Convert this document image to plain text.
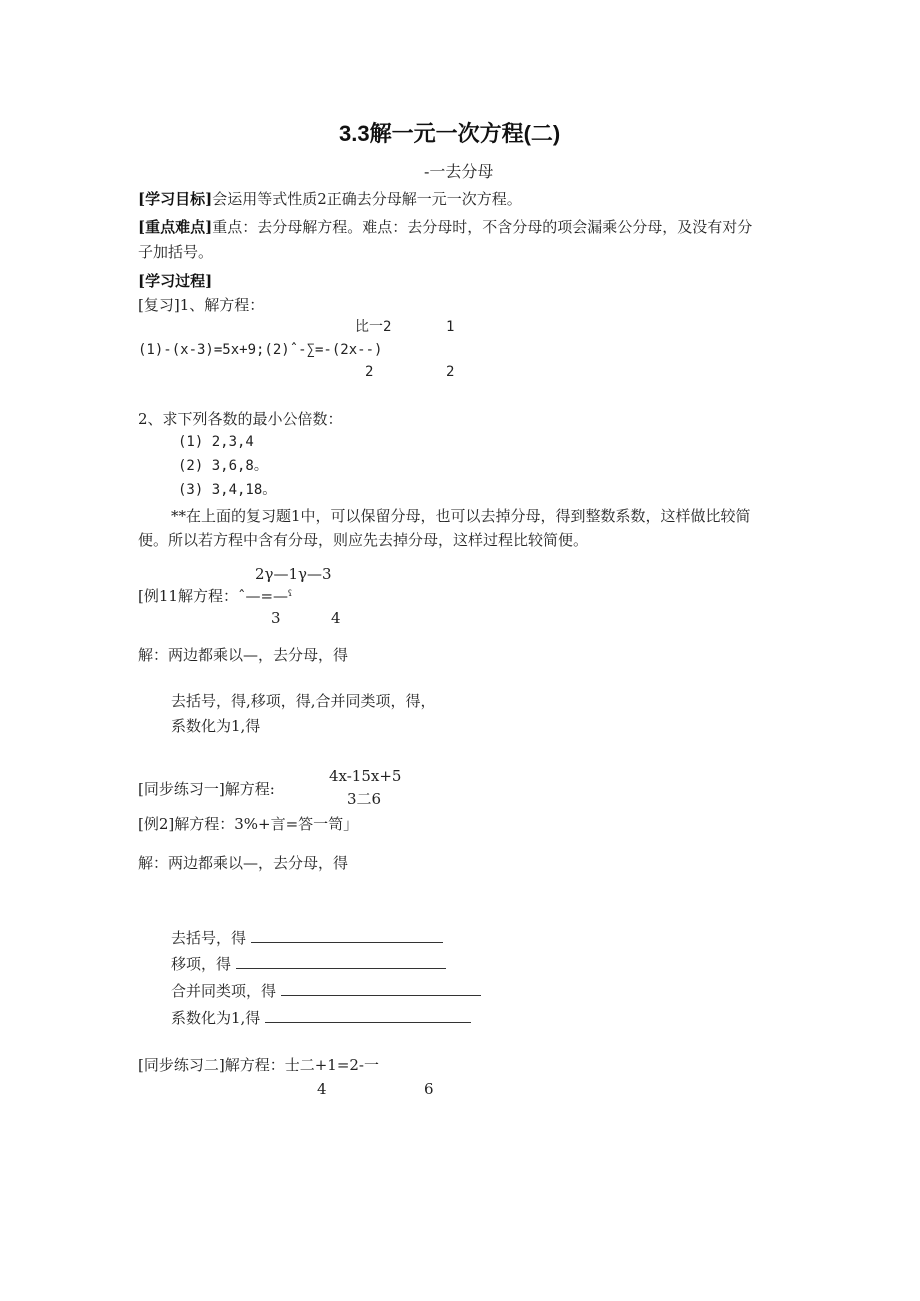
3.3解一元一次方程(二)
-一去分母
[学习目标]会运用等式性质2正确去分母解一元一次方程。
[重点难点]重点：去分母解方程。难点：去分母时，不含分母的项会漏乘公分母，及没有对分
子加括号。
[学习过程]
[复习]1、解方程：
比一2	1
(1)-(x-3)=5x+9;(2)ˆ-∑=-(2x--)
2	2
2、求下列各数的最小公倍数：
(1) 2,3,4
(2) 3,6,8。
(3) 3,4,18。
**在上面的复习题1中，可以保留分母，也可以去掉分母，得到整数系数，这样做比较简
便。所以若方程中含有分母，则应先去掉分母，这样过程比较简便。
2γ—1γ—3
[例11解方程：ˆ—=—ˁ
3	4
解：两边都乘以—，去分母，得
去括号，得,移项，得,合并同类项，得，
系数化为1,得
4x-15x+5
[同步练习一]解方程:
3二6
[例2]解方程：3%+言=答一笥」
解：两边都乘以—，去分母，得
去括号，得
移项，得
合并同类项，得
系数化为1,得
[同步练习二]解方程：士二+1=2-一
4	6
